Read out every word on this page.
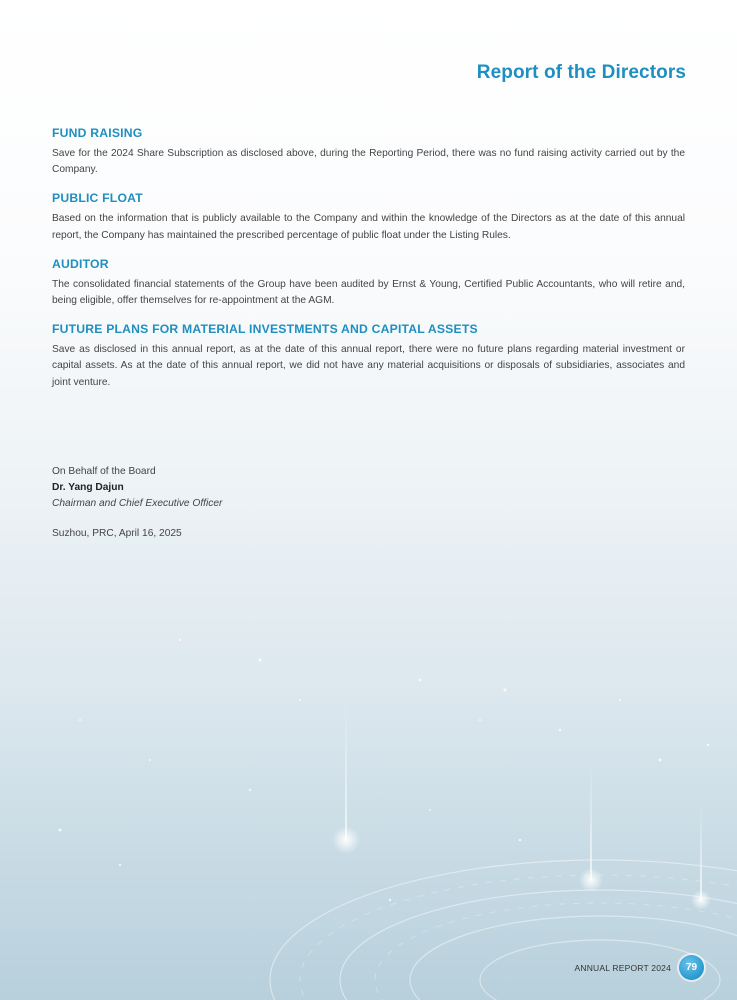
Report of the Directors
FUND RAISING

Save for the 2024 Share Subscription as disclosed above, during the Reporting Period, there was no fund raising activity carried out by the Company.

PUBLIC FLOAT

Based on the information that is publicly available to the Company and within the knowledge of the Directors as at the date of this annual report, the Company has maintained the prescribed percentage of public float under the Listing Rules.

AUDITOR

The consolidated financial statements of the Group have been audited by Ernst & Young, Certified Public Accountants, who will retire and, being eligible, offer themselves for re-appointment at the AGM.

FUTURE PLANS FOR MATERIAL INVESTMENTS AND CAPITAL ASSETS

Save as disclosed in this annual report, as at the date of this annual report, there were no future plans regarding material investment or capital assets. As at the date of this annual report, we did not have any material acquisitions or disposals of subsidiaries, associates and joint venture.

On Behalf of the Board
Dr. Yang Dajun
Chairman and Chief Executive Officer
Suzhou, PRC, April 16, 2025
ANNUAL REPORT 2024	79
